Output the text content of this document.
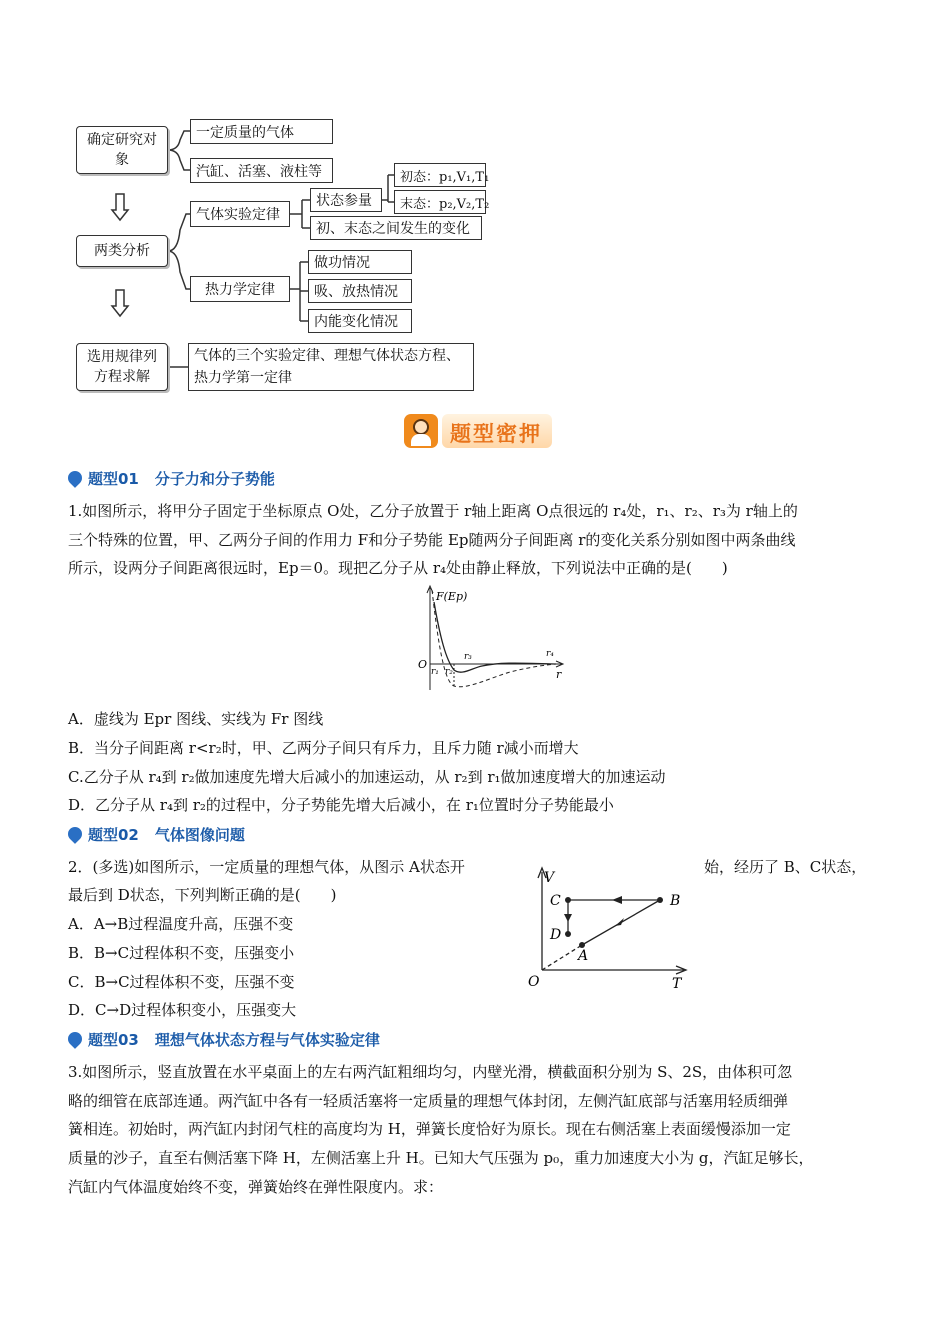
确定研究对象
两类分析
选用规律列方程求解
一定质量的气体
汽缸、活塞、液柱等
气体实验定律
状态参量
初态：p₁,V₁,T₁
末态：p₂,V₂,T₂
初、末态之间发生的变化
热力学定律
做功情况
吸、放热情况
内能变化情况
气体的三个实验定律、理想气体状态方程、热力学第一定律
题型密押
题型01 分子力和分子势能
1.如图所示，将甲分子固定于坐标原点 O处，乙分子放置于 r轴上距离 O点很远的 r₄处，r₁、r₂、r₃为 r轴上的
三个特殊的位置，甲、乙两分子间的作用力 F和分子势能 Ep随两分子间距离 r的变化关系分别如图中两条曲线
所示，设两分子间距离很远时，Ep＝0。现把乙分子从 r₄处由静止释放，下列说法中正确的是(　　)
F(Ep)
O
r₁ r₂
r₃	r₄
r
A．虚线为 Epr 图线、实线为 Fr 图线
B．当分子间距离 r<r₂时，甲、乙两分子间只有斥力，且斥力随 r减小而增大
C.乙分子从 r₄到 r₂做加速度先增大后减小的加速运动，从 r₂到 r₁做加速度增大的加速运动
D．乙分子从 r₄到 r₂的过程中，分子势能先增大后减小，在 r₁位置时分子势能最小
题型02 气体图像问题
2．(多选)如图所示，一定质量的理想气体，从图示 A状态开	始，经历了 B、C状态，
最后到 D状态，下列判断正确的是(　　)
A．A→B过程温度升高，压强不变
B．B→C过程体积不变，压强变小
C．B→C过程体积不变，压强不变
D．C→D过程体积变小，压强变大
V
T
O
A
B
C
D
题型03 理想气体状态方程与气体实验定律
3.如图所示，竖直放置在水平桌面上的左右两汽缸粗细均匀，内壁光滑，横截面积分别为 S、2S，由体积可忽
略的细管在底部连通。两汽缸中各有一轻质活塞将一定质量的理想气体封闭，左侧汽缸底部与活塞用轻质细弹
簧相连。初始时，两汽缸内封闭气柱的高度均为 H，弹簧长度恰好为原长。现在右侧活塞上表面缓慢添加一定
质量的沙子，直至右侧活塞下降 H，左侧活塞上升 H。已知大气压强为 p₀，重力加速度大小为 g，汽缸足够长，
汽缸内气体温度始终不变，弹簧始终在弹性限度内。求：
